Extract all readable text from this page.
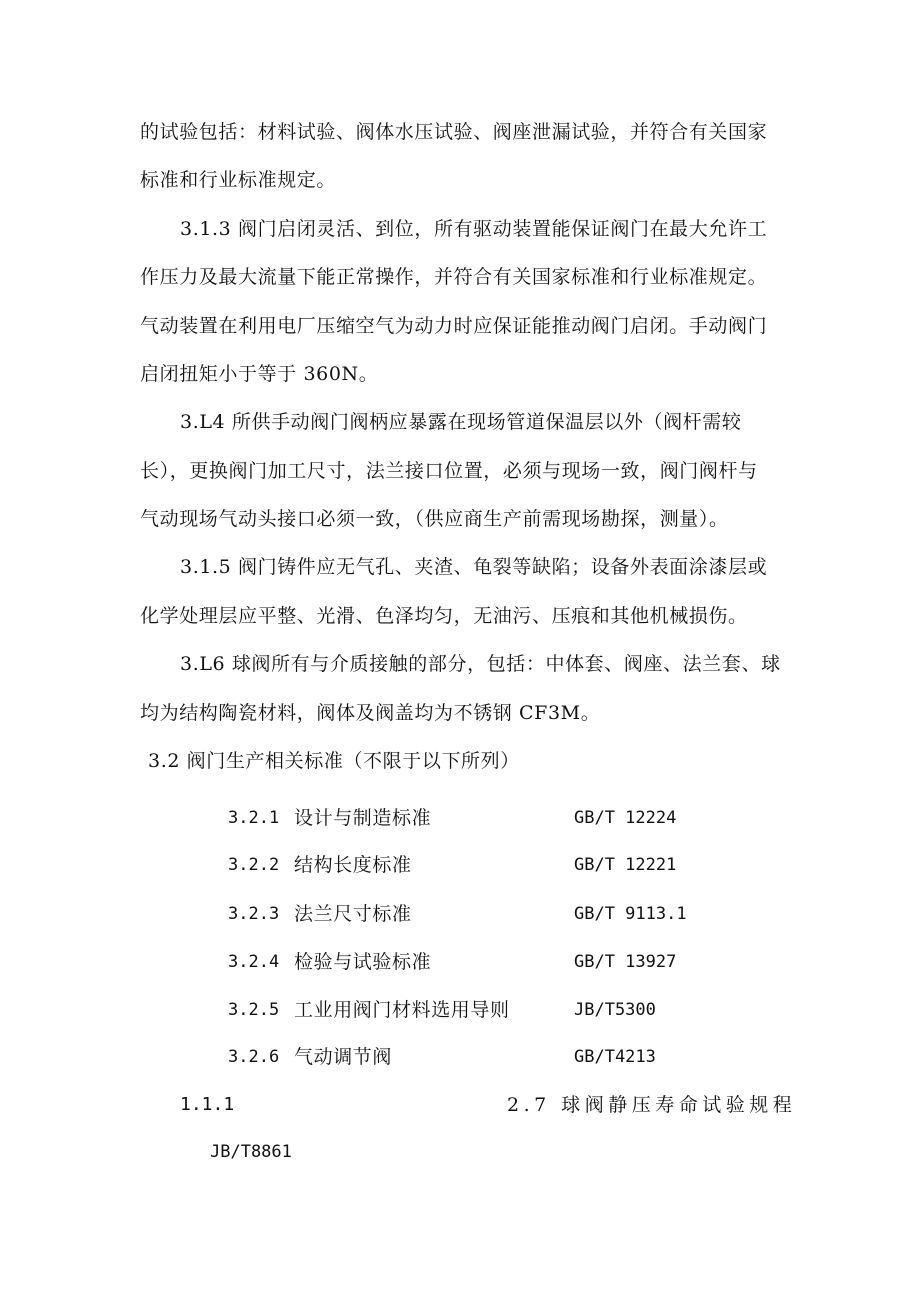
的试验包括：材料试验、阀体水压试验、阀座泄漏试验，并符合有关国家
标准和行业标准规定。
3.1.3 阀门启闭灵活、到位，所有驱动装置能保证阀门在最大允许工
作压力及最大流量下能正常操作，并符合有关国家标准和行业标准规定。
气动装置在利用电厂压缩空气为动力时应保证能推动阀门启闭。手动阀门
启闭扭矩小于等于 360N。
3.L4 所供手动阀门阀柄应暴露在现场管道保温层以外（阀杆需较
长），更换阀门加工尺寸，法兰接口位置，必须与现场一致，阀门阀杆与
气动现场气动头接口必须一致，（供应商生产前需现场勘探，测量）。
3.1.5 阀门铸件应无气孔、夹渣、龟裂等缺陷；设备外表面涂漆层或
化学处理层应平整、光滑、色泽均匀，无油污、压痕和其他机械损伤。
3.L6 球阀所有与介质接触的部分，包括：中体套、阀座、法兰套、球
均为结构陶瓷材料，阀体及阀盖均为不锈钢 CF3M。
3.2 阀门生产相关标准（不限于以下所列）
3.2.1 设计与制造标准	GB/T 12224
3.2.2 结构长度标准	GB/T 12221
3.2.3 法兰尺寸标准	GB/T 9113.1
3.2.4 检验与试验标准	GB/T 13927
3.2.5 工业用阀门材料选用导则	JB/T5300
3.2.6 气动调节阀	GB/T4213
1.1.1	2.7 球阀静压寿命试验规程
JB/T8861
